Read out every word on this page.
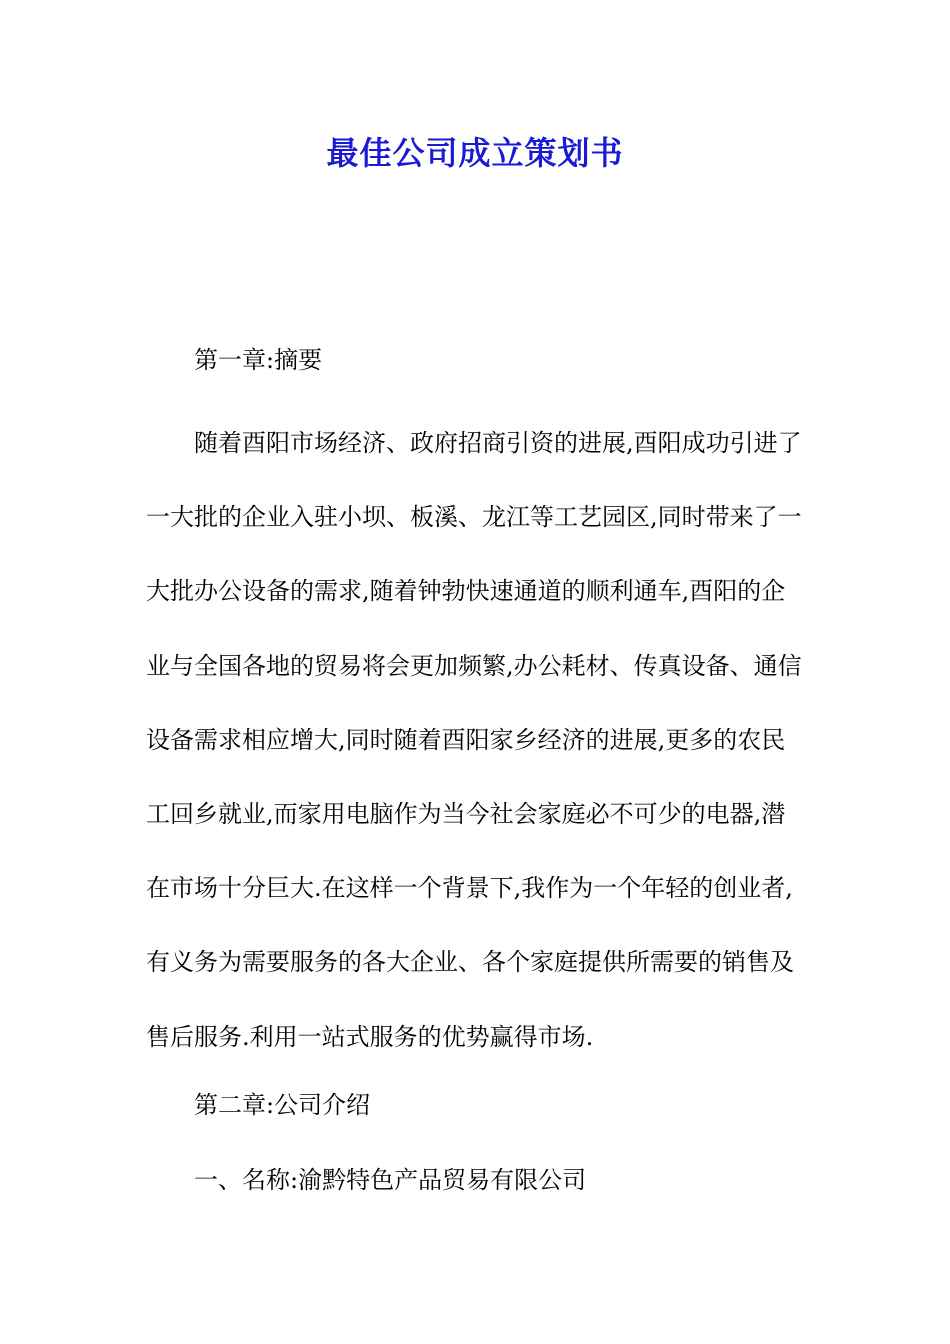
最佳公司成立策划书

第一章:摘要

随着酉阳市场经济、政府招商引资的进展,酉阳成功引进了
一大批的企业入驻小坝、板溪、龙江等工艺园区,同时带来了一
大批办公设备的需求,随着钟勃快速通道的顺利通车,酉阳的企
业与全国各地的贸易将会更加频繁,办公耗材、传真设备、通信
设备需求相应增大,同时随着酉阳家乡经济的进展,更多的农民
工回乡就业,而家用电脑作为当今社会家庭必不可少的电器,潜
在市场十分巨大.在这样一个背景下,我作为一个年轻的创业者,
有义务为需要服务的各大企业、各个家庭提供所需要的销售及
售后服务.利用一站式服务的优势赢得市场.

第二章:公司介绍

一、名称:渝黔特色产品贸易有限公司
